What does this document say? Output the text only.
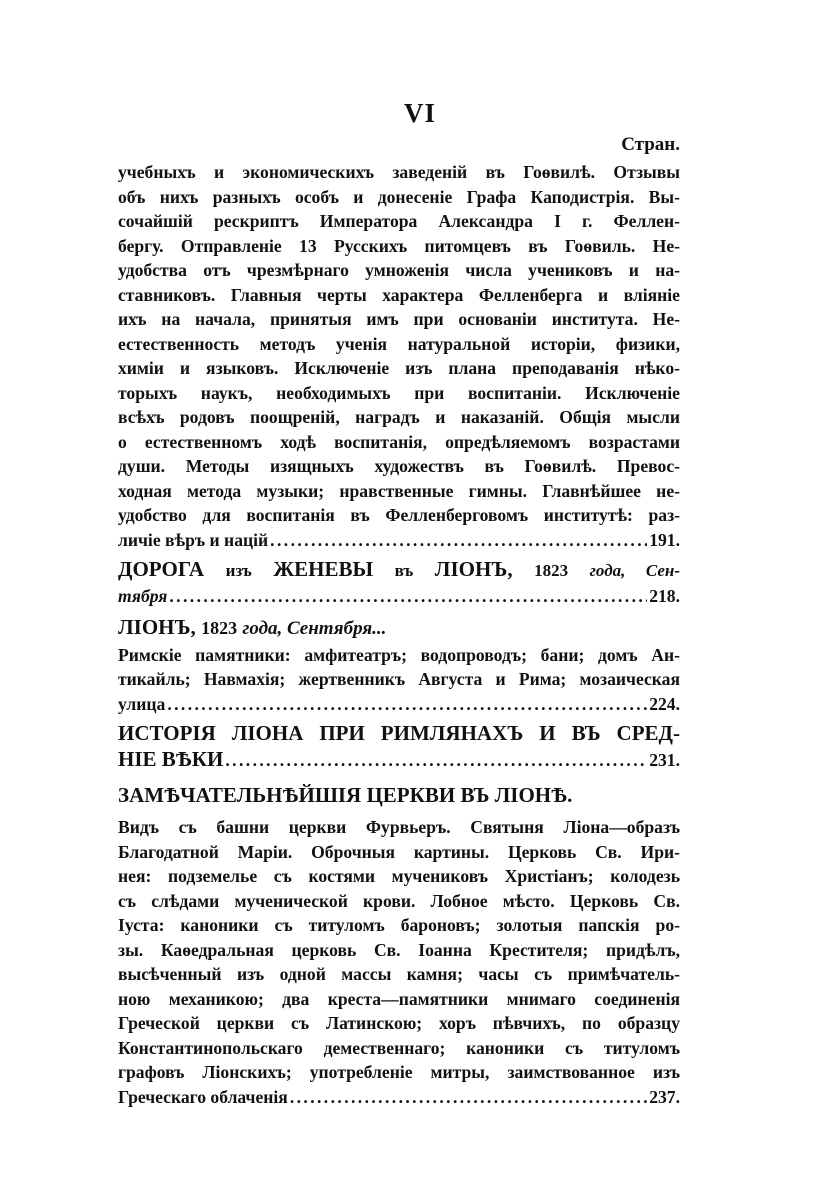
VI
Стран.

учебныхъ и экономическихъ заведеній въ Гоѳвилѣ. Отзывы

объ нихъ разныхъ особъ и донесеніе Графа Каподистрія. Вы-

сочайшій рескриптъ Императора Александра I г. Феллен-

бергу. Отправленіе 13 Русскихъ питомцевъ въ Гоѳвиль. Не-

удобства отъ чрезмѣрнаго умноженія числа учениковъ и на-

ставниковъ. Главныя черты характера Фелленберга и вліяніе

ихъ на начала, принятыя имъ при основаніи института. Не-

естественность методъ ученія натуральной исторіи, физики,

химіи и языковъ. Исключеніе изъ плана преподаванія нѣко-

торыхъ наукъ, необходимыхъ при воспитаніи. Исключеніе

всѣхъ родовъ поощреній, наградъ и наказаній. Общія мысли

о естественномъ ходѣ воспитанія, опредѣляемомъ возрастами

души. Методы изящныхъ художествъ въ Гоѳвилѣ. Превос-

ходная метода музыки; нравственные гимны. Главнѣйшее не-

удобство для воспитанія въ Фелленберговомъ институтѣ: раз-

личіе вѣръ и націй . . .	191.

ДОРОГА изъ ЖЕНЕВЫ въ ЛІОНЪ, 1823 года, Сен-

тября . . .	218.

ЛІОНЪ, 1823 года, Сентября...

Римскіе памятники: амфитеатръ; водопроводъ; бани; домъ Ан-

тикайль; Навмахія; жертвенникъ Августа и Рима; мозаическая

улица . . .	224.

ИСТОРІЯ ЛІОНА ПРИ РИМЛЯНАХЪ И ВЪ СРЕД-

НІЕ ВѢКИ . . .	231.

ЗАМѢЧАТЕЛЬНѢЙШІЯ ЦЕРКВИ ВЪ ЛІОНѢ.

Видъ съ башни церкви Фурвьеръ. Святыня Ліона—образъ

Благодатной Маріи. Оброчныя картины. Церковь Св. Ири-

нея: подземелье съ костями мучениковъ Христіанъ; колодезь

съ слѣдами мученической крови. Лобное мѣсто. Церковь Св.

Іуста: каноники съ титуломъ бароновъ; золотыя папскія ро-

зы. Каѳедральная церковь Св. Іоанна Крестителя; придѣлъ,

высѣченный изъ одной массы камня; часы съ примѣчатель-

ною механикою; два креста—памятники мнимаго соединенія

Греческой церкви съ Латинскою; хоръ пѣвчихъ, по образцу

Константинопольскаго демественнаго; каноники съ титуломъ

графовъ Ліонскихъ; употребленіе митры, заимствованное изъ

Греческаго облаченія . . .	237.
